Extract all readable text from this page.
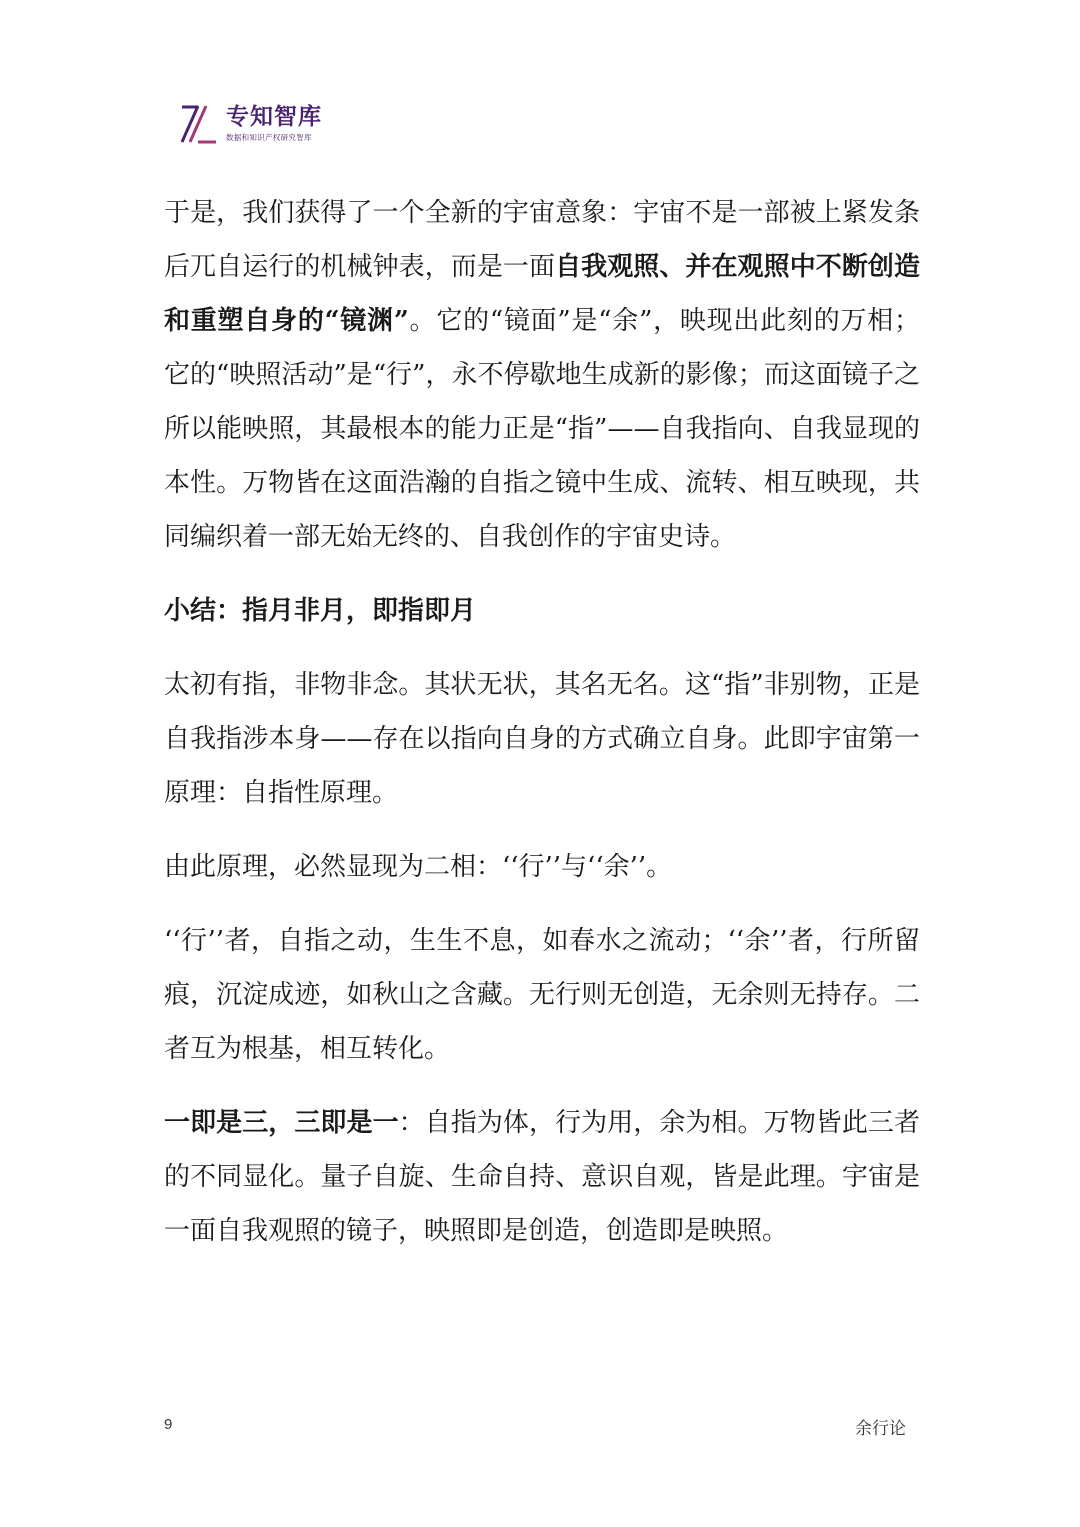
专知智库
数据和知识产权研究智库

于是，我们获得了一个全新的宇宙意象：宇宙不是一部被上紧发条后兀自运行的机械钟表，而是一面自我观照、并在观照中不断创造和重塑自身的“镜渊”。它的“镜面”是“余”，映现出此刻的万相；它的“映照活动”是“行”，永不停歇地生成新的影像；而这面镜子之所以能映照，其最根本的能力正是“指”——自我指向、自我显现的本性。万物皆在这面浩瀚的自指之镜中生成、流转、相互映现，共同编织着一部无始无终的、自我创作的宇宙史诗。

小结：指月非月，即指即月

太初有指，非物非念。其状无状，其名无名。这“指”非别物，正是自我指涉本身——存在以指向自身的方式确立自身。此即宇宙第一原理：自指性原理。

由此原理，必然显现为二相：‘‘行’’与‘‘余’’。

‘‘行’’者，自指之动，生生不息，如春水之流动；‘‘余’’者，行所留痕，沉淀成迹，如秋山之含藏。无行则无创造，无余则无持存。二者互为根基，相互转化。

一即是三，三即是一：自指为体，行为用，余为相。万物皆此三者的不同显化。量子自旋、生命自持、意识自观，皆是此理。宇宙是一面自我观照的镜子，映照即是创造，创造即是映照。

9	余行论
